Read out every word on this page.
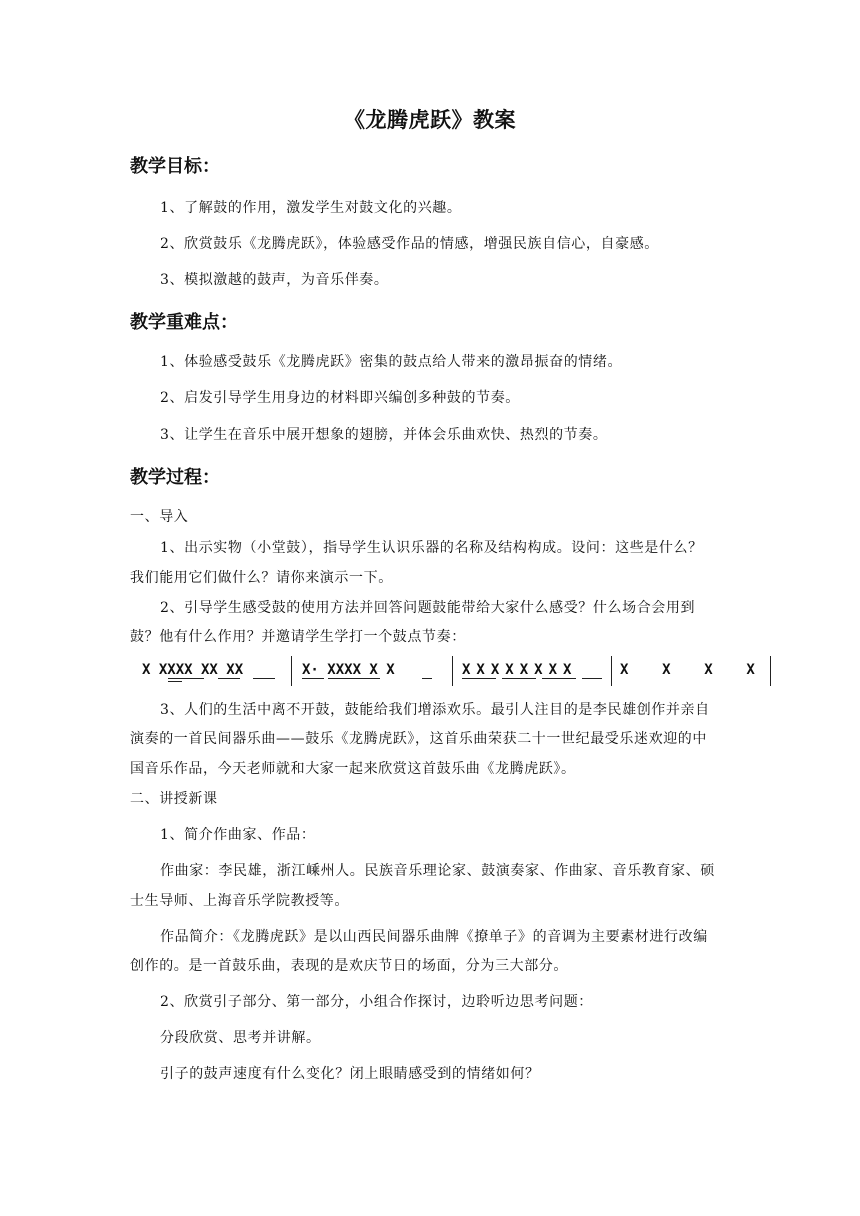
《龙腾虎跃》教案
教学目标：
1、了解鼓的作用，激发学生对鼓文化的兴趣。
2、欣赏鼓乐《龙腾虎跃》，体验感受作品的情感，增强民族自信心，自豪感。
3、模拟激越的鼓声，为音乐伴奏。
教学重难点：
1、体验感受鼓乐《龙腾虎跃》密集的鼓点给人带来的激昂振奋的情绪。
2、启发引导学生用身边的材料即兴编创多种鼓的节奏。
3、让学生在音乐中展开想象的翅膀，并体会乐曲欢快、热烈的节奏。
教学过程：
一、导入
1、出示实物（小堂鼓），指导学生认识乐器的名称及结构构成。设问：这些是什么？
我们能用它们做什么？请你来演示一下。
2、引导学生感受鼓的使用方法并回答问题鼓能带给大家什么感受？什么场合会用到
鼓？他有什么作用？并邀请学生学打一个鼓点节奏：
X XXXX XX XX	X· XXXX X X	XXXXXXXX	X    X    X    X
3、人们的生活中离不开鼓，鼓能给我们增添欢乐。最引人注目的是李民雄创作并亲自
演奏的一首民间器乐曲——鼓乐《龙腾虎跃》，这首乐曲荣获二十一世纪最受乐迷欢迎的中
国音乐作品，今天老师就和大家一起来欣赏这首鼓乐曲《龙腾虎跃》。
二、讲授新课
1、简介作曲家、作品：
作曲家：李民雄，浙江嵊州人。民族音乐理论家、鼓演奏家、作曲家、音乐教育家、硕
士生导师、上海音乐学院教授等。
作品简介：《龙腾虎跃》是以山西民间器乐曲牌《撩单子》的音调为主要素材进行改编
创作的。是一首鼓乐曲，表现的是欢庆节日的场面，分为三大部分。
2、欣赏引子部分、第一部分，小组合作探讨，边聆听边思考问题：
分段欣赏、思考并讲解。
引子的鼓声速度有什么变化？闭上眼睛感受到的情绪如何？
